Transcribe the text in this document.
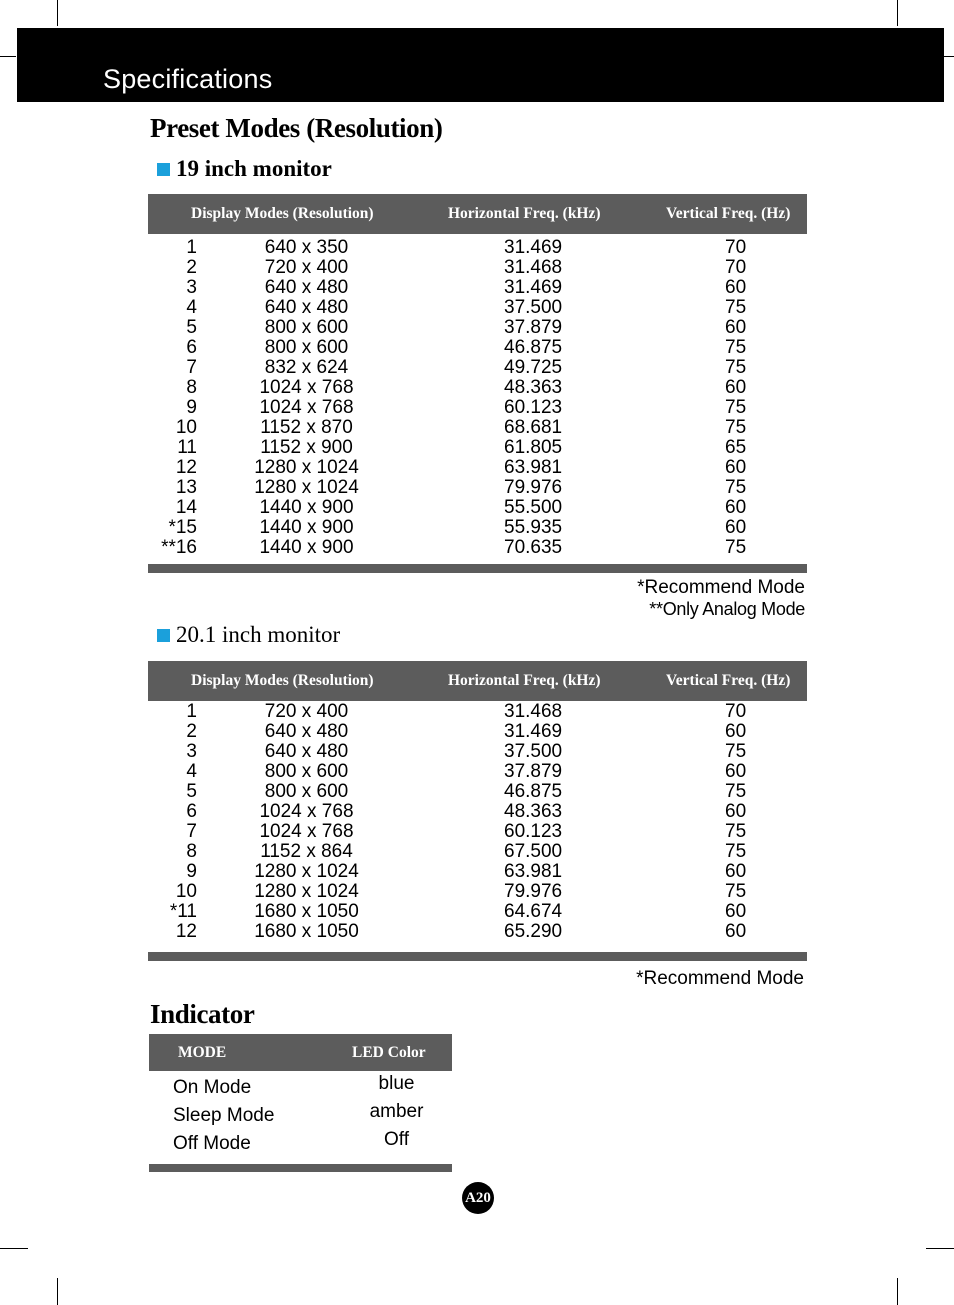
Specifications
Preset Modes (Resolution)
19 inch monitor
Display Modes (Resolution)	Horizontal Freq. (kHz)	Vertical Freq. (Hz)
1	640 x 350	31.469	70
2	720 x 400	31.468	70
3	640 x 480	31.469	60
4	640 x 480	37.500	75
5	800 x 600	37.879	60
6	800 x 600	46.875	75
7	832 x 624	49.725	75
8	1024 x 768	48.363	60
9	1024 x 768	60.123	75
10	1152 x 870	68.681	75
11	1152 x 900	61.805	65
12	1280 x 1024	63.981	60
13	1280 x 1024	79.976	75
14	1440 x 900	55.500	60
*15	1440 x 900	55.935	60
**16	1440 x 900	70.635	75
*Recommend Mode
**Only Analog Mode
20.1 inch monitor
Display Modes (Resolution)	Horizontal Freq. (kHz)	Vertical Freq. (Hz)
1	720 x 400	31.468	70
2	640 x 480	31.469	60
3	640 x 480	37.500	75
4	800 x 600	37.879	60
5	800 x 600	46.875	75
6	1024 x 768	48.363	60
7	1024 x 768	60.123	75
8	1152 x 864	67.500	75
9	1280 x 1024	63.981	60
10	1280 x 1024	79.976	75
*11	1680 x 1050	64.674	60
12	1680 x 1050	65.290	60
*Recommend Mode
Indicator
MODE	LED Color
On Mode	blue
Sleep Mode	amber
Off Mode	Off
A20
